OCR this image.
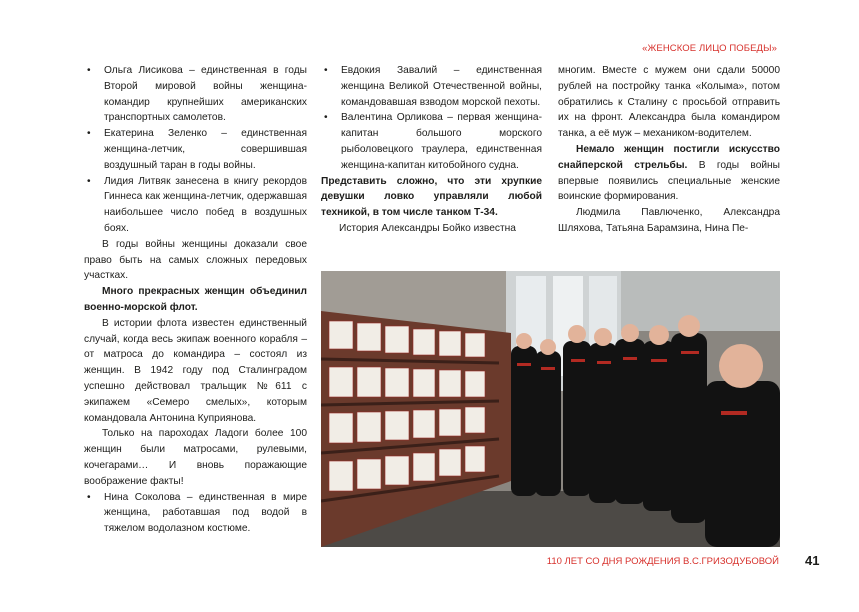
«ЖЕНСКОЕ ЛИЦО ПОБЕДЫ»
• Ольга Лисикова – единственная в годы Второй мировой войны женщина-командир крупнейших американских транспортных самолетов.
• Екатерина Зеленко – единственная женщина-летчик, совершившая воздушный таран в годы войны.
• Лидия Литвяк занесена в книгу рекордов Гиннеса как женщина-летчик, одержавшая наибольшее число побед в воздушных боях.

В годы войны женщины доказали свое право быть на самых сложных передовых участках.

Много прекрасных женщин объединил военно-морской флот.

В истории флота известен единственный случай, когда весь экипаж военного корабля – от матроса до командира – состоял из женщин. В 1942 году под Сталинградом успешно действовал тральщик №611 с экипажем «Семеро смелых», которым командовала Антонина Куприянова.

Только на пароходах Ладоги более 100 женщин были матросами, рулевыми, кочегарами… И вновь поражающие воображение факты!

• Нина Соколова – единственная в мире женщина, работавшая под водой в тяжелом водолазном костюме.
• Евдокия Завалий – единственная женщина Великой Отечественной войны, командовавшая взводом морской пехоты.
• Валентина Орликова – первая женщина-капитан большого морского рыболовецкого траулера, единственная женщина-капитан китобойного судна.

Представить сложно, что эти хрупкие девушки ловко управляли любой техникой, в том числе танком Т-34.

История Александры Бойко известна

многим. Вместе с мужем они сдали 50000 рублей на постройку танка «Колыма», потом обратились к Сталину с просьбой отправить их на фронт. Александра была командиром танка, а её муж – механиком-водителем.

Немало женщин постигли искусство снайперской стрельбы. В годы войны впервые появились специальные женские воинские формирования.

Людмила Павлюченко, Александра Шляхова, Татьяна Барамзина, Нина Пе-

110 ЛЕТ СО ДНЯ РОЖДЕНИЯ В.С.ГРИЗОДУБОВОЙ 41
